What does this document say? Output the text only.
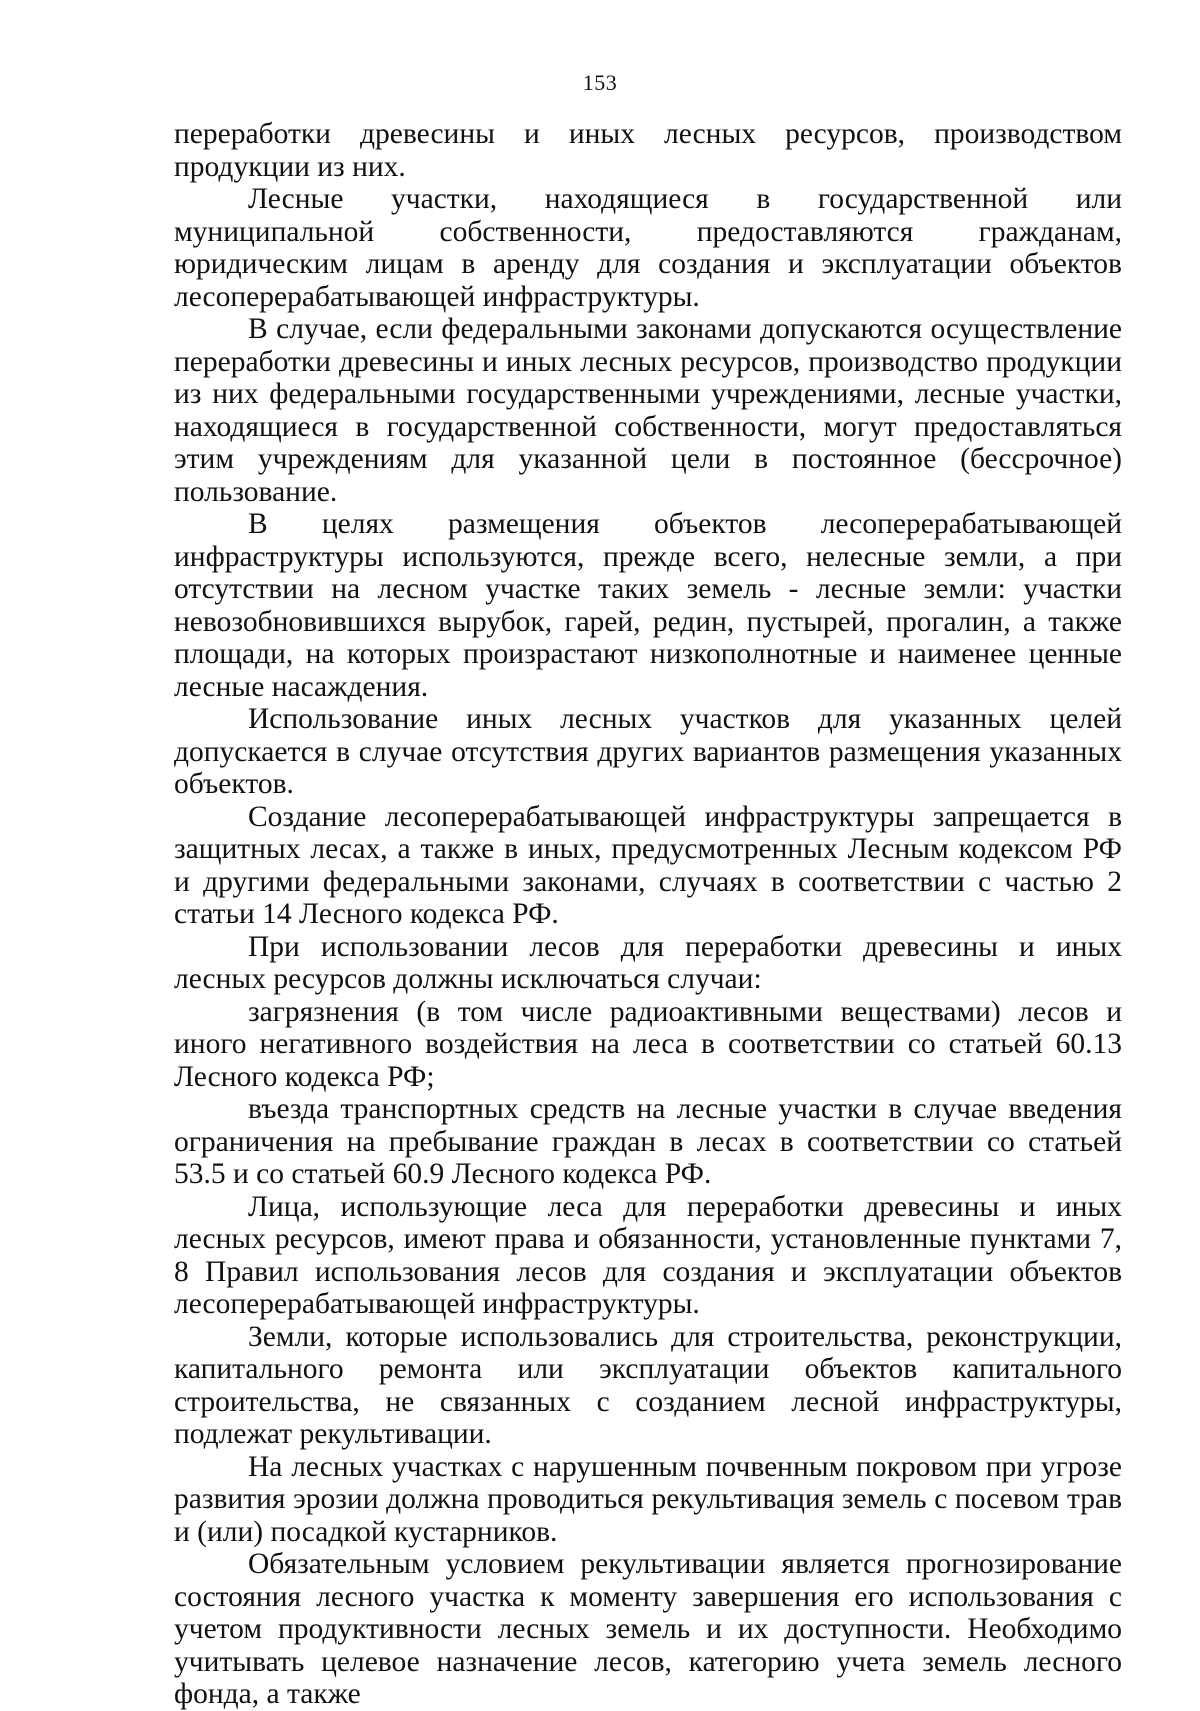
153

переработки древесины и иных лесных ресурсов, производством продукции из них.

Лесные участки, находящиеся в государственной или муниципальной собственности, предоставляются гражданам, юридическим лицам в аренду для создания и эксплуатации объектов лесоперерабатывающей инфраструктуры.

В случае, если федеральными законами допускаются осуществление переработки древесины и иных лесных ресурсов, производство продукции из них федеральными государственными учреждениями, лесные участки, находящиеся в государственной собственности, могут предоставляться этим учреждениям для указанной цели в постоянное (бессрочное) пользование.

В целях размещения объектов лесоперерабатывающей инфраструктуры используются, прежде всего, нелесные земли, а при отсутствии на лесном участке таких земель - лесные земли: участки невозобновившихся вырубок, гарей, редин, пустырей, прогалин, а также площади, на которых произрастают низкополнотные и наименее ценные лесные насаждения.

Использование иных лесных участков для указанных целей допускается в случае отсутствия других вариантов размещения указанных объектов.

Создание лесоперерабатывающей инфраструктуры запрещается в защитных лесах, а также в иных, предусмотренных Лесным кодексом РФ и другими федеральными законами, случаях в соответствии с частью 2 статьи 14 Лесного кодекса РФ.

При использовании лесов для переработки древесины и иных лесных ресурсов должны исключаться случаи:

загрязнения (в том числе радиоактивными веществами) лесов и иного негативного воздействия на леса в соответствии со статьей 60.13 Лесного кодекса РФ;

въезда транспортных средств на лесные участки в случае введения ограничения на пребывание граждан в лесах в соответствии со статьей 53.5 и со статьей 60.9 Лесного кодекса РФ.

Лица, использующие леса для переработки древесины и иных лесных ресурсов, имеют права и обязанности, установленные пунктами 7, 8 Правил использования лесов для создания и эксплуатации объектов лесоперерабатывающей инфраструктуры.

Земли, которые использовались для строительства, реконструкции, капитального ремонта или эксплуатации объектов капитального строительства, не связанных с созданием лесной инфраструктуры, подлежат рекультивации.

На лесных участках с нарушенным почвенным покровом при угрозе развития эрозии должна проводиться рекультивация земель с посевом трав и (или) посадкой кустарников.

Обязательным условием рекультивации является прогнозирование состояния лесного участка к моменту завершения его использования с учетом продуктивности лесных земель и их доступности. Необходимо учитывать целевое назначение лесов, категорию учета земель лесного фонда, а также
